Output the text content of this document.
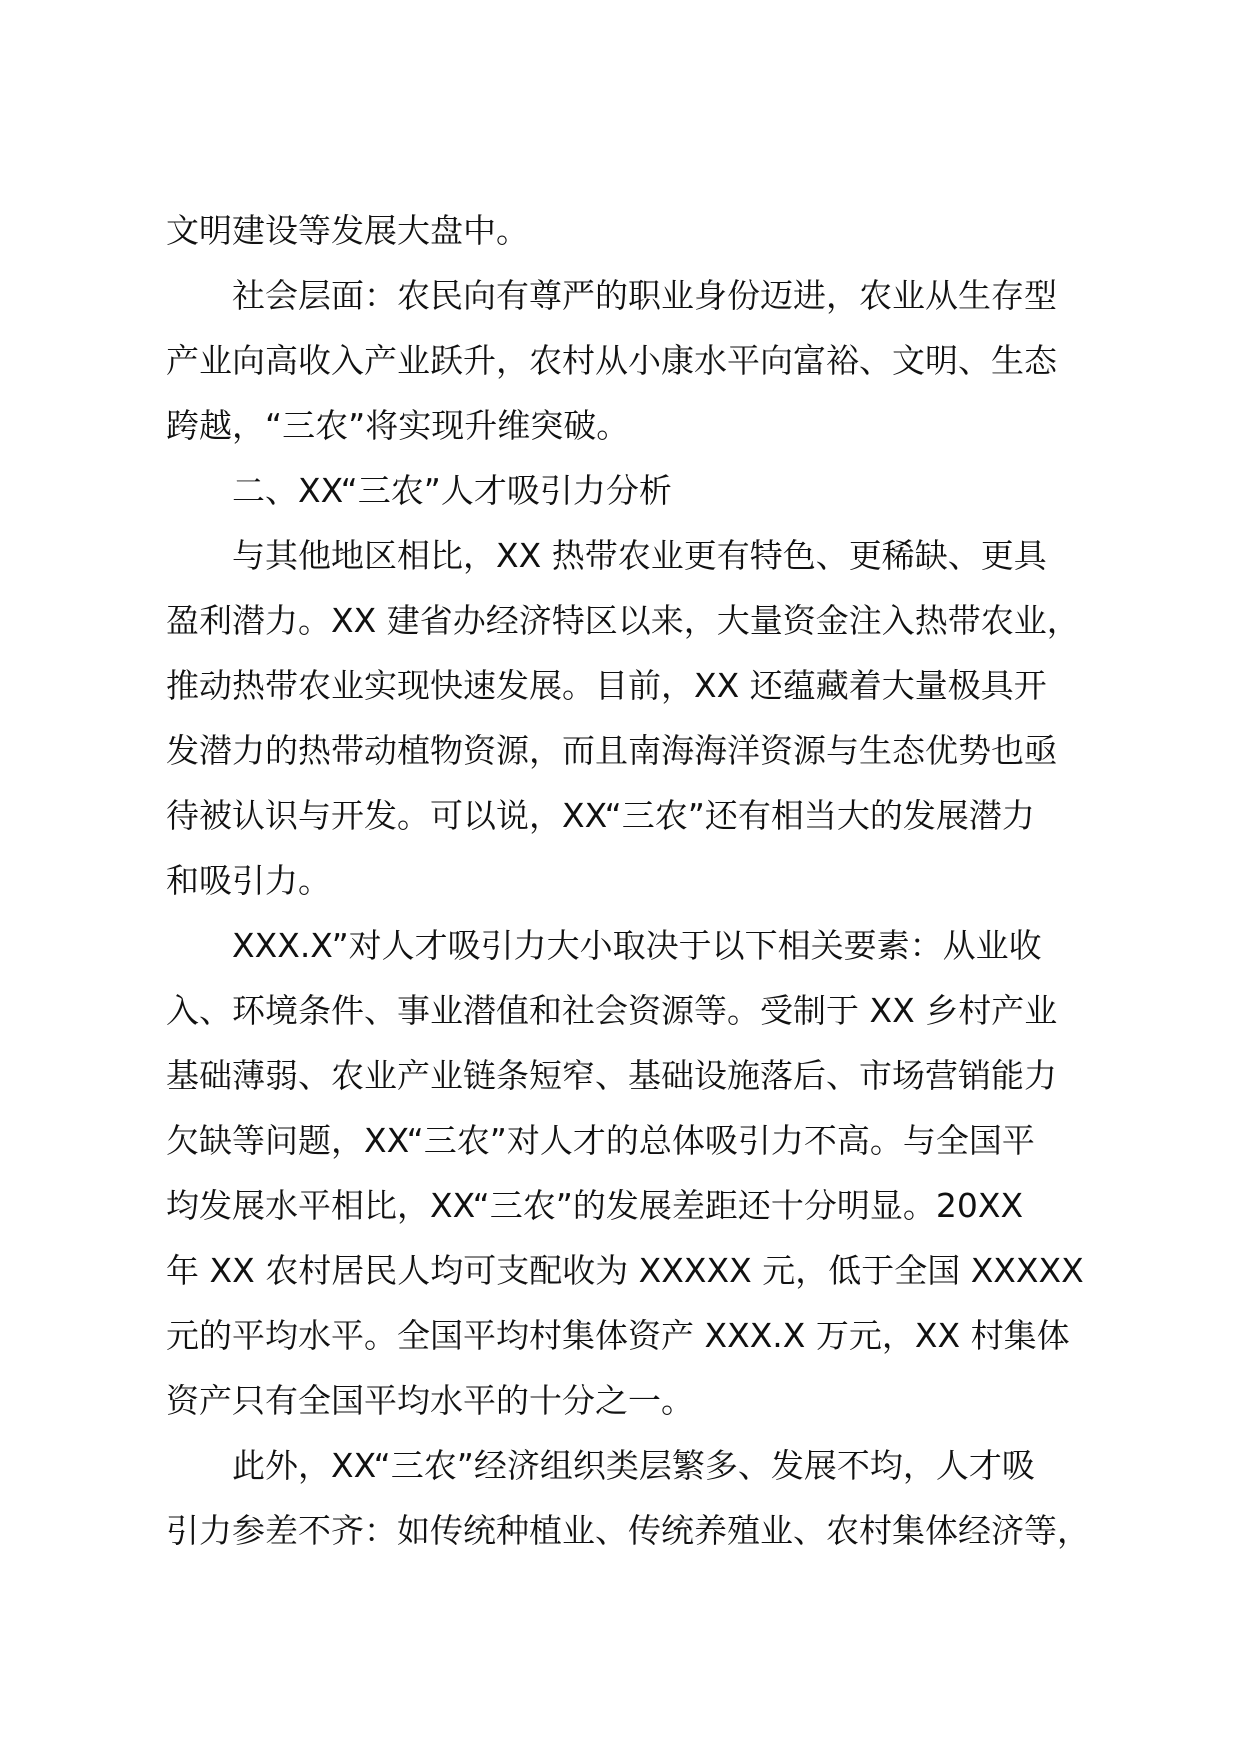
文明建设等发展大盘中。
社会层面：农民向有尊严的职业身份迈进，农业从生存型
产业向高收入产业跃升，农村从小康水平向富裕、文明、生态
跨越，“三农”将实现升维突破。
二、XX“三农”人才吸引力分析
与其他地区相比，XX 热带农业更有特色、更稀缺、更具
盈利潜力。XX 建省办经济特区以来，大量资金注入热带农业，
推动热带农业实现快速发展。目前，XX 还蕴藏着大量极具开
发潜力的热带动植物资源，而且南海海洋资源与生态优势也亟
待被认识与开发。可以说，XX“三农”还有相当大的发展潜力
和吸引力。
XXX.X”对人才吸引力大小取决于以下相关要素：从业收
入、环境条件、事业潜值和社会资源等。受制于 XX 乡村产业
基础薄弱、农业产业链条短窄、基础设施落后、市场营销能力
欠缺等问题，XX“三农”对人才的总体吸引力不高。与全国平
均发展水平相比，XX“三农”的发展差距还十分明显。20XX
年 XX 农村居民人均可支配收为 XXXXX 元，低于全国 XXXXX
元的平均水平。全国平均村集体资产 XXX.X 万元，XX 村集体
资产只有全国平均水平的十分之一。
此外，XX“三农”经济组织类层繁多、发展不均，人才吸
引力参差不齐：如传统种植业、传统养殖业、农村集体经济等，
